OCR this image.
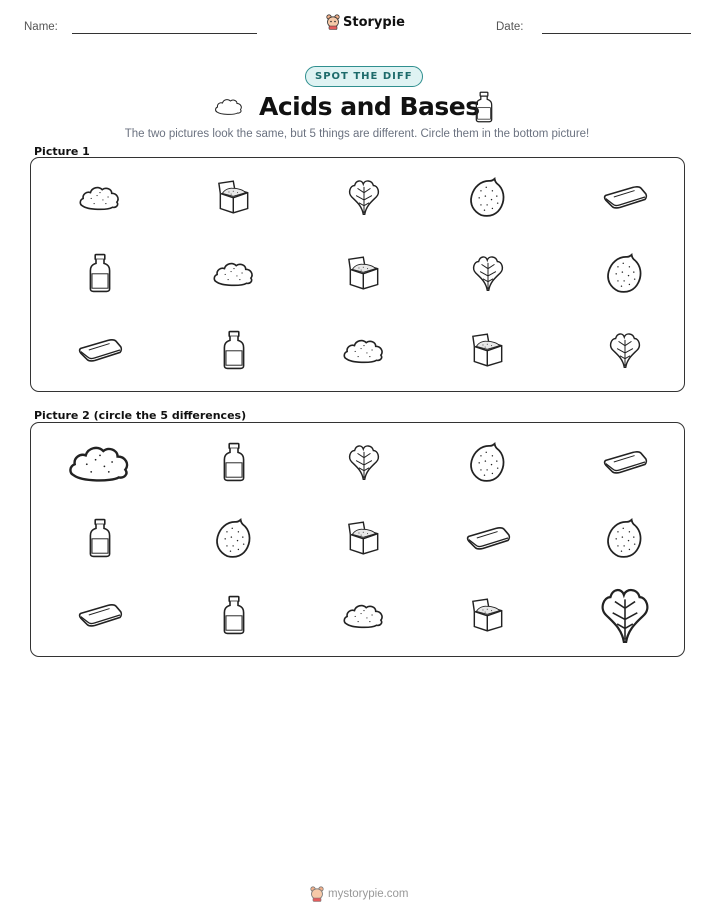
Name:	Storypie	Date:
SPOT THE DIFF
Acids and Bases
The two pictures look the same, but 5 things are different. Circle them in the bottom picture!
Picture 1
Picture 2 (circle the 5 differences)
mystorypie.com
